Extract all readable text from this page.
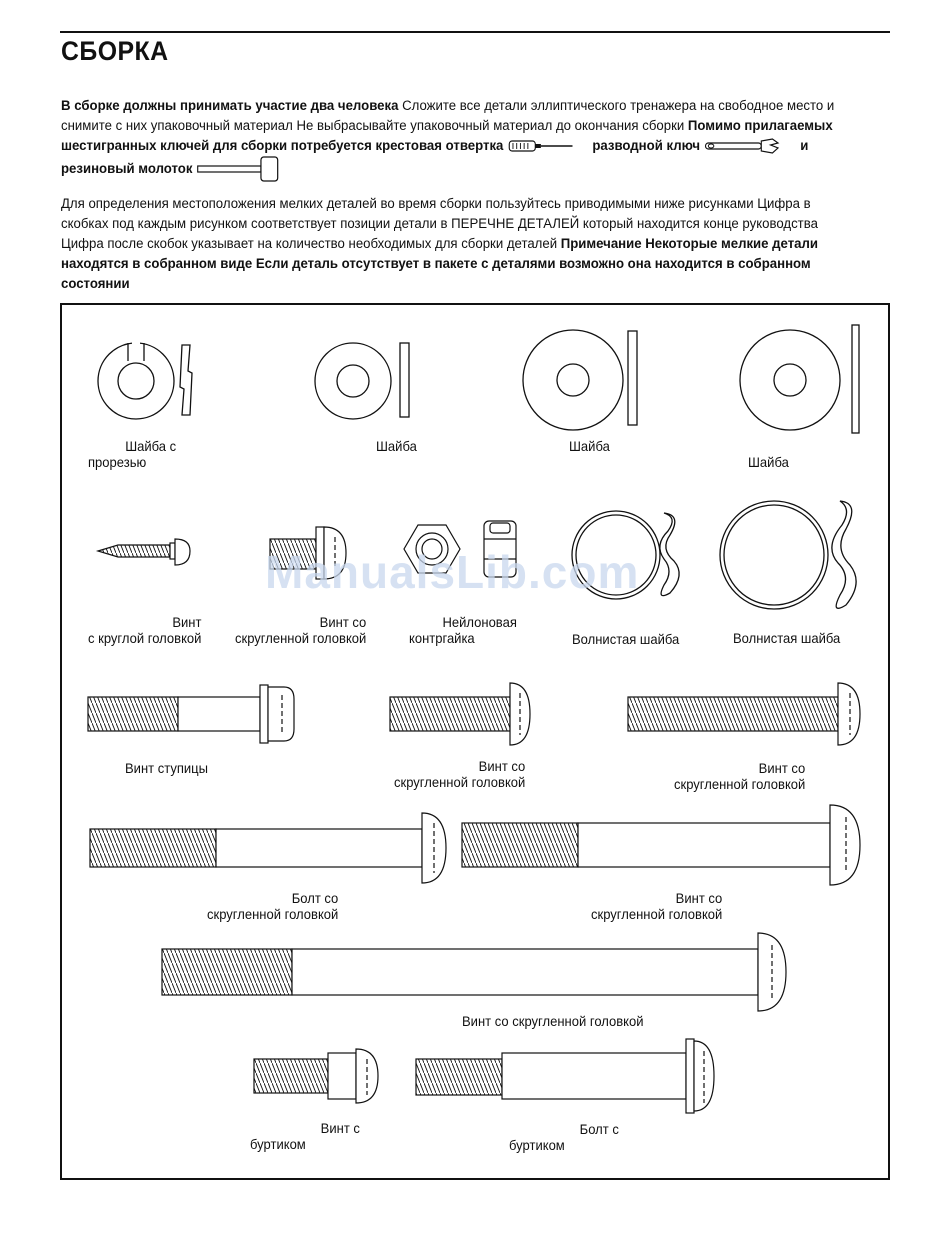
СБОРКА
В сборке должны принимать участие два человека Сложите все детали эллиптического тренажера на свободное место и снимите с них упаковочный материал Не выбрасывайте упаковочный материал до окончания сборки Помимо прилагаемых шестигранных ключей для сборки потребуется крестовая отвертка	разводной ключ	и
резиновый молоток
Для определения местоположения мелких деталей во время сборки пользуйтесь приводимыми ниже рисунками Цифра в скобках под каждым рисунком соответствует позиции детали в ПЕРЕЧНЕ ДЕТАЛЕЙ который находится конце руководства Цифра после скобок указывает на количество необходимых для сборки деталей Примечание Некоторые мелкие детали находятся в собранном виде Если деталь отсутствует в пакете с деталями возможно она находится в собранном состоянии
ManualsLib.com
Шайба с
прорезью
Шайба	Шайба
Шайба
Винт
с круглой головкой
Винт со
скругленной головкой
Нейлоновая
контргайка	Волнистая шайба	Волнистая шайба
Винт ступицы	Винт со
скругленной головкой
Винт со
скругленной головкой
Болт со
скругленной головкой
Винт со
скругленной головкой
Винт со скругленной головкой
Винт с
буртиком
Болт с
буртиком
